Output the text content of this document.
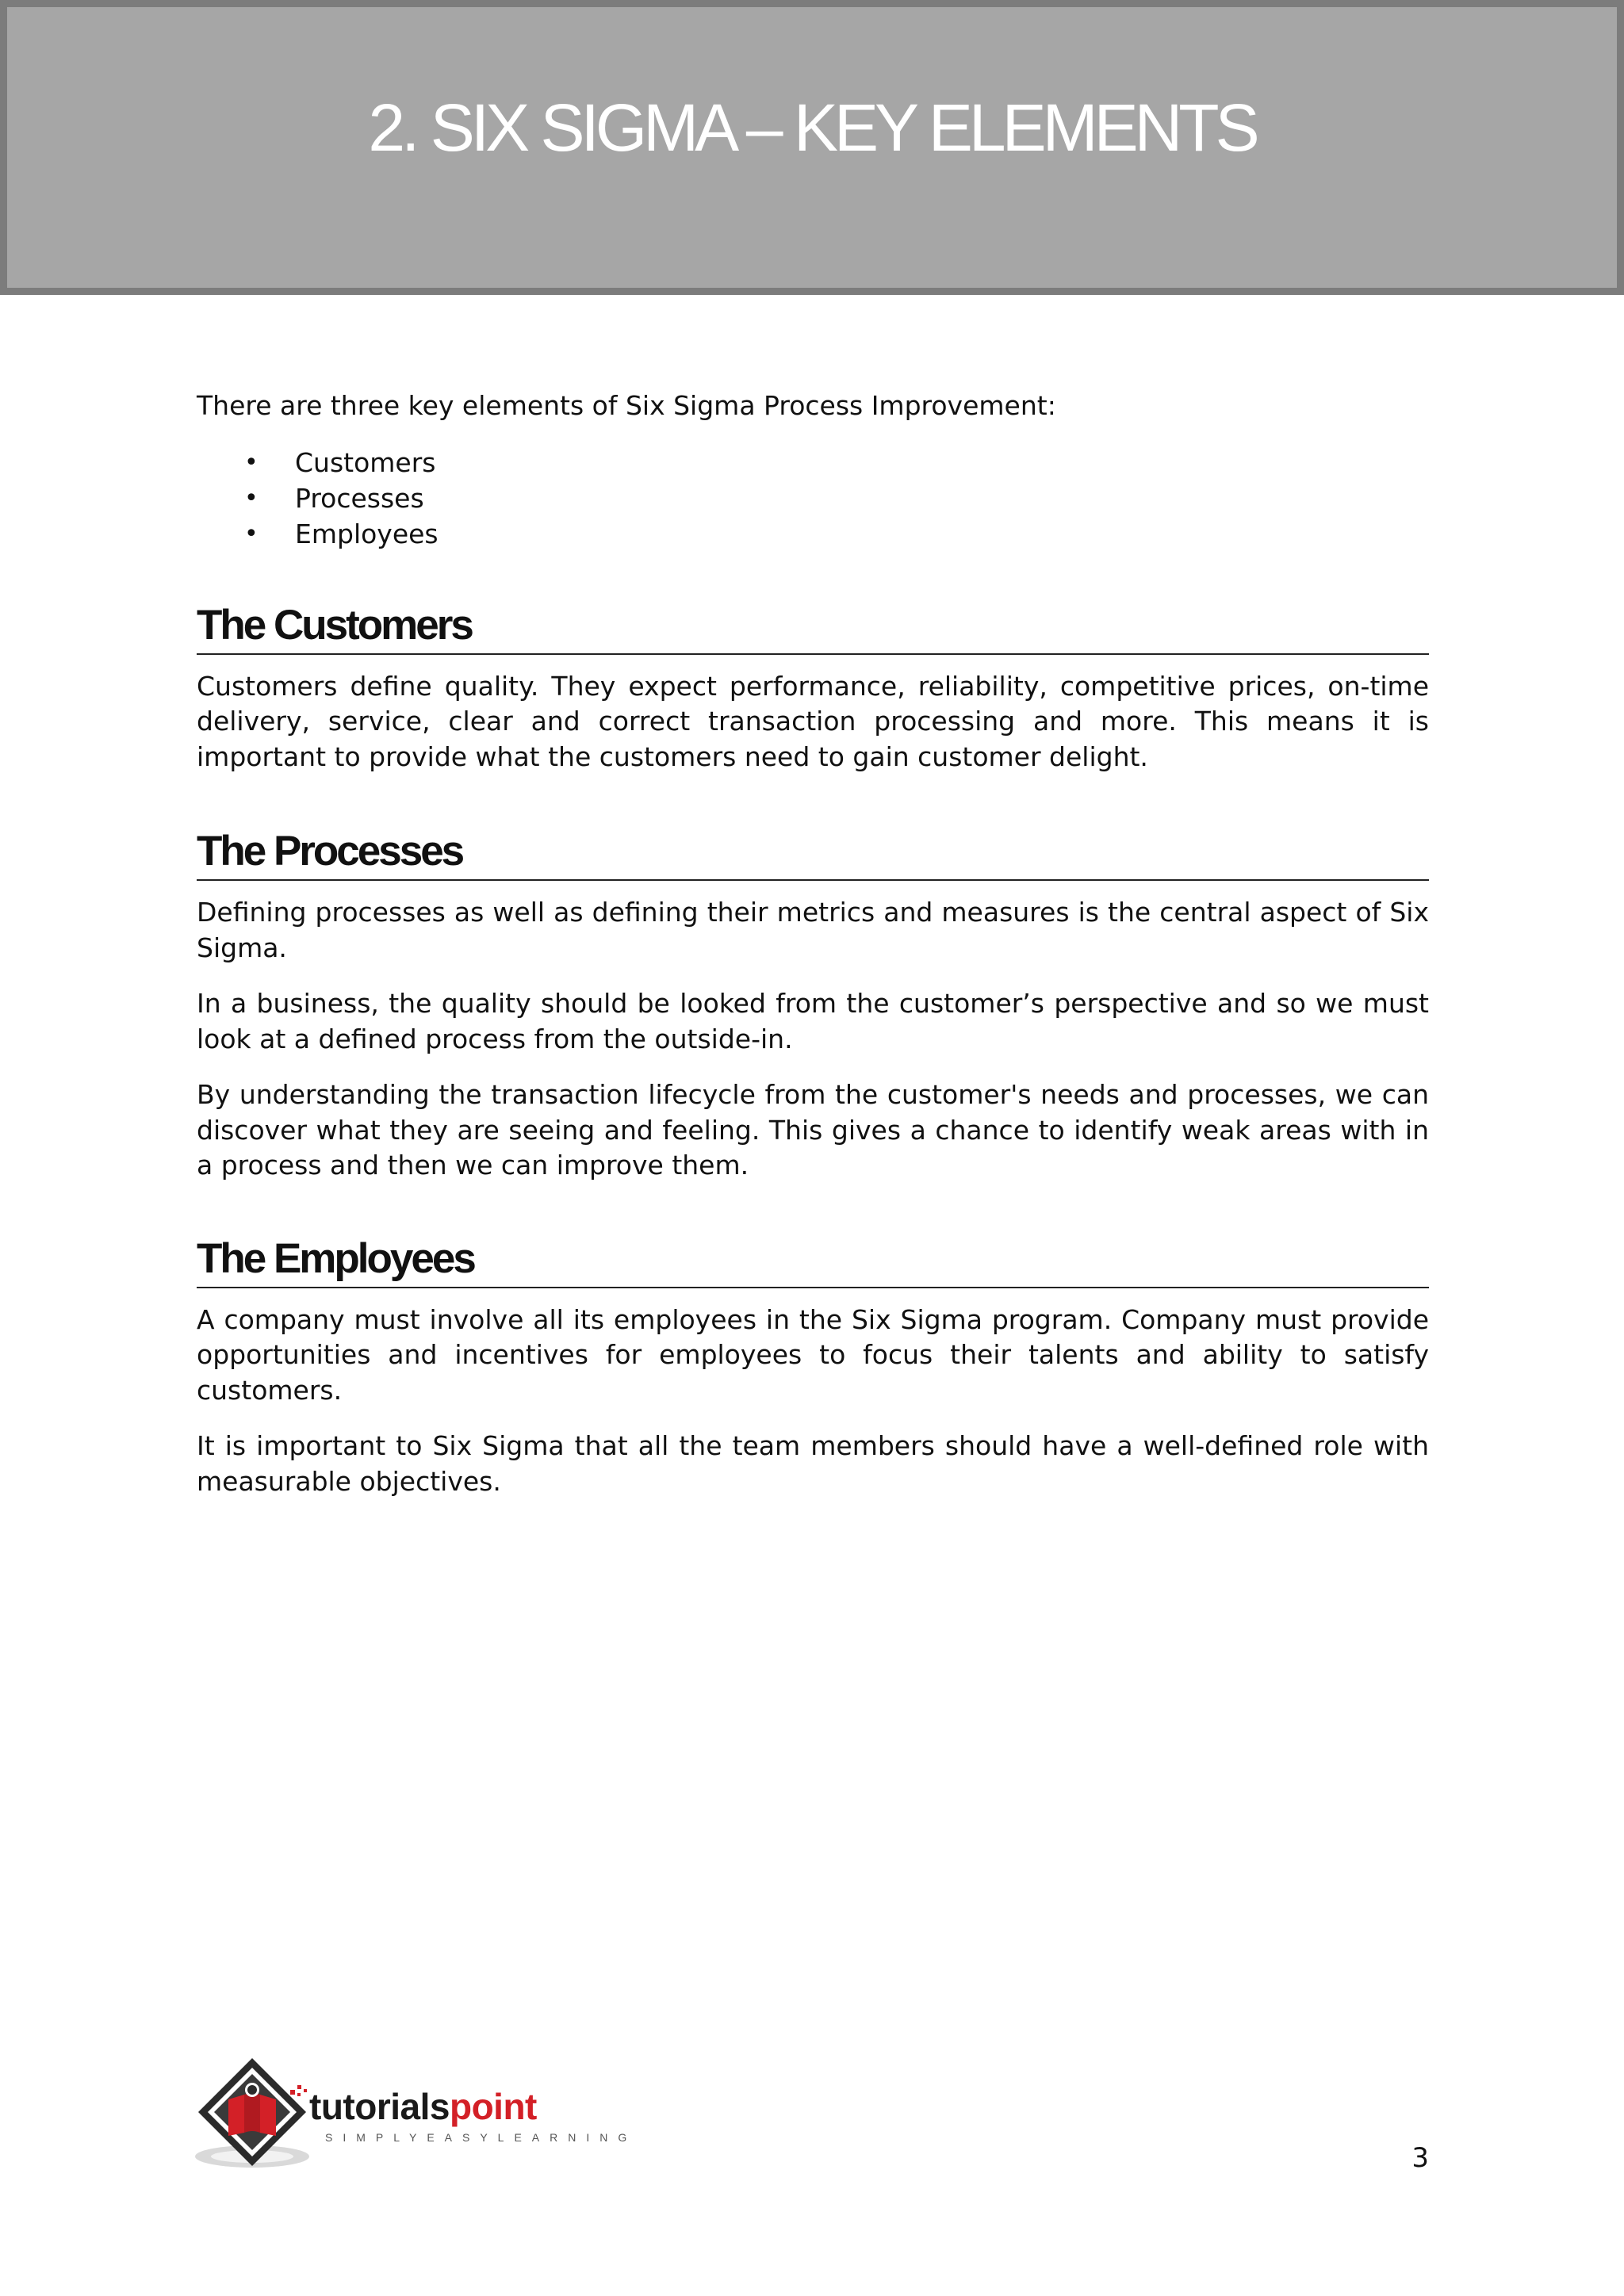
2. SIX SIGMA – KEY ELEMENTS

There are three key elements of Six Sigma Process Improvement:

• Customers
• Processes
• Employees
The Customers

Customers define quality. They expect performance, reliability, competitive prices, on-time delivery, service, clear and correct transaction processing and more. This means it is important to provide what the customers need to gain customer delight.

The Processes

Defining processes as well as defining their metrics and measures is the central aspect of Six Sigma.

In a business, the quality should be looked from the customer’s perspective and so we must look at a defined process from the outside-in.

By understanding the transaction lifecycle from the customer's needs and processes, we can discover what they are seeing and feeling. This gives a chance to identify weak areas with in a process and then we can improve them.

The Employees

A company must involve all its employees in the Six Sigma program. Company must provide opportunities and incentives for employees to focus their talents and ability to satisfy customers.

It is important to Six Sigma that all the team members should have a well-defined role with measurable objectives.

tutorialspoint
SIMPLYEASYLEARNING
3
